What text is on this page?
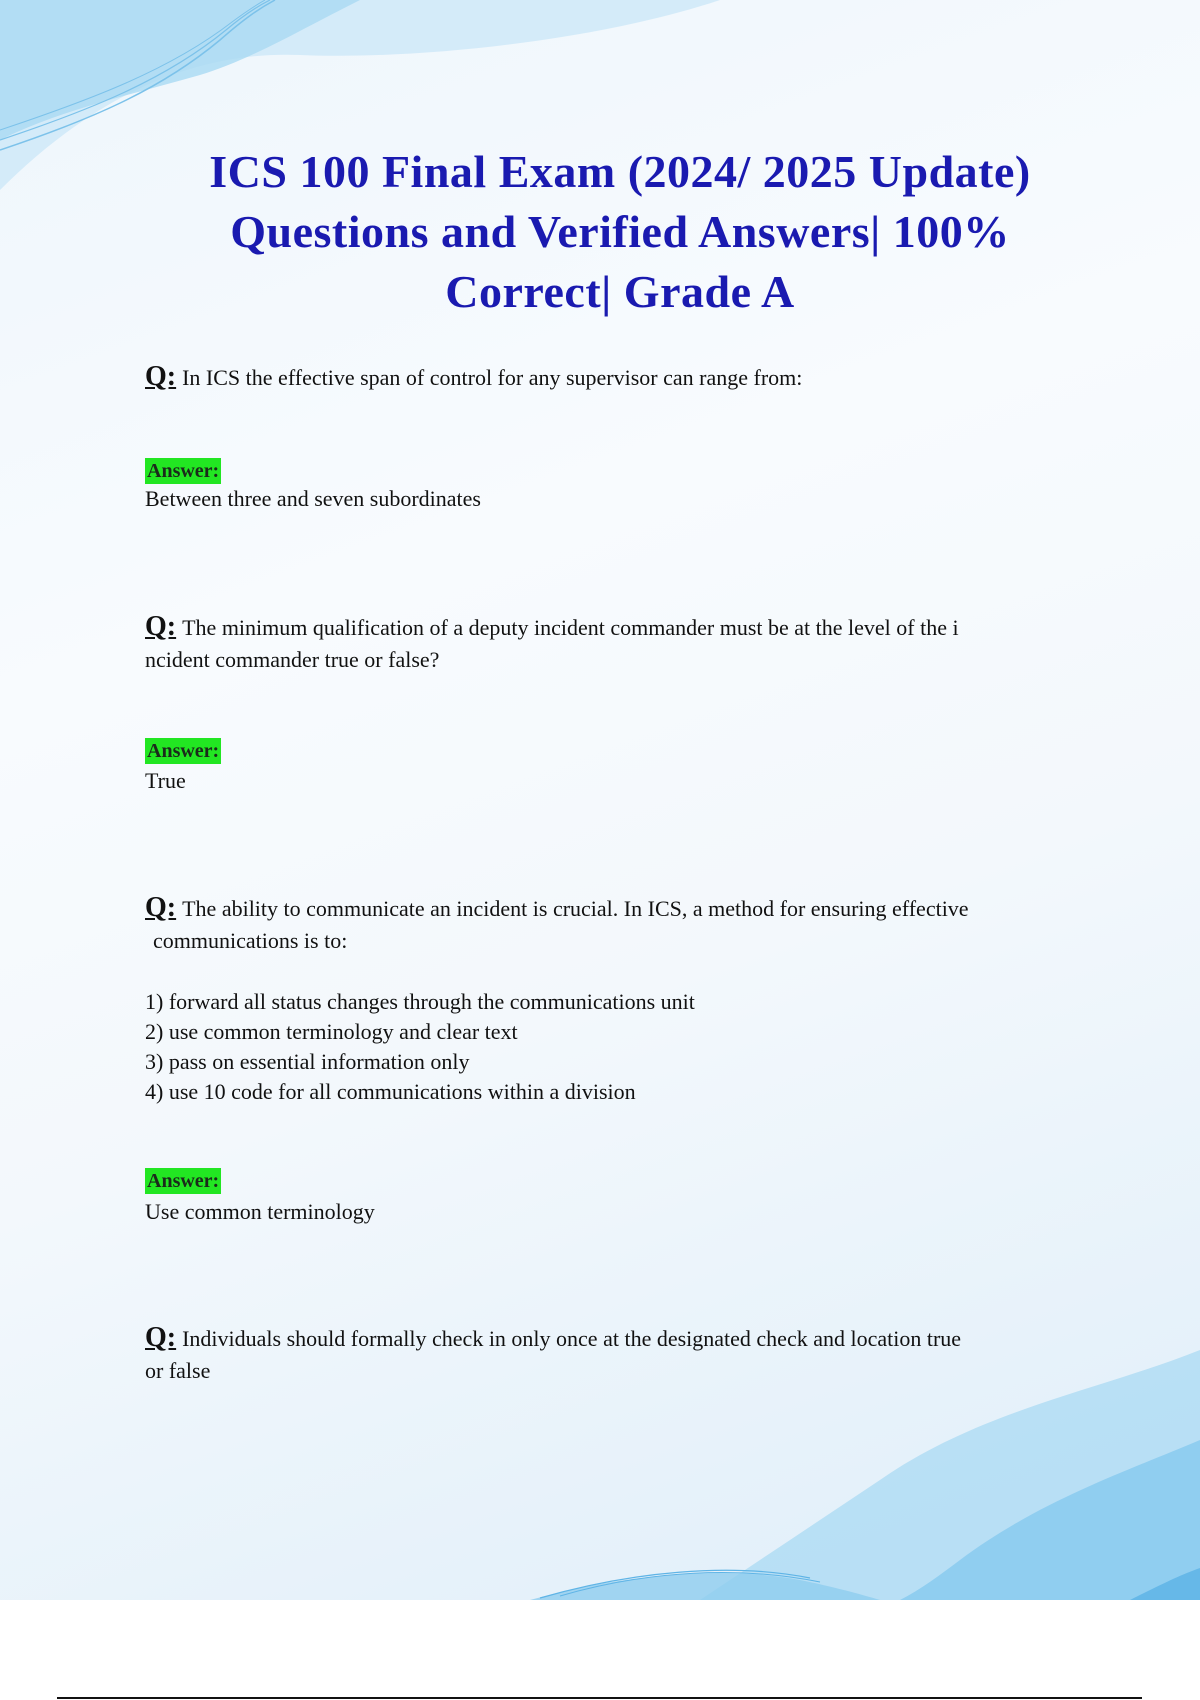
ICS 100 Final Exam (2024/ 2025 Update)
Questions and Verified Answers| 100%
Correct| Grade A
Q: In ICS the effective span of control for any supervisor can range from:
Answer:
Between three and seven subordinates
Q: The minimum qualification of a deputy incident commander must be at the level of the i
ncident commander true or false?
Answer:
True
Q: The ability to communicate an incident is crucial. In ICS, a method for ensuring effective
communications is to:
1) forward all status changes through the communications unit
2) use common terminology and clear text
3) pass on essential information only
4) use 10 code for all communications within a division
Answer:
Use common terminology
Q: Individuals should formally check in only once at the designated check and location true
or false
